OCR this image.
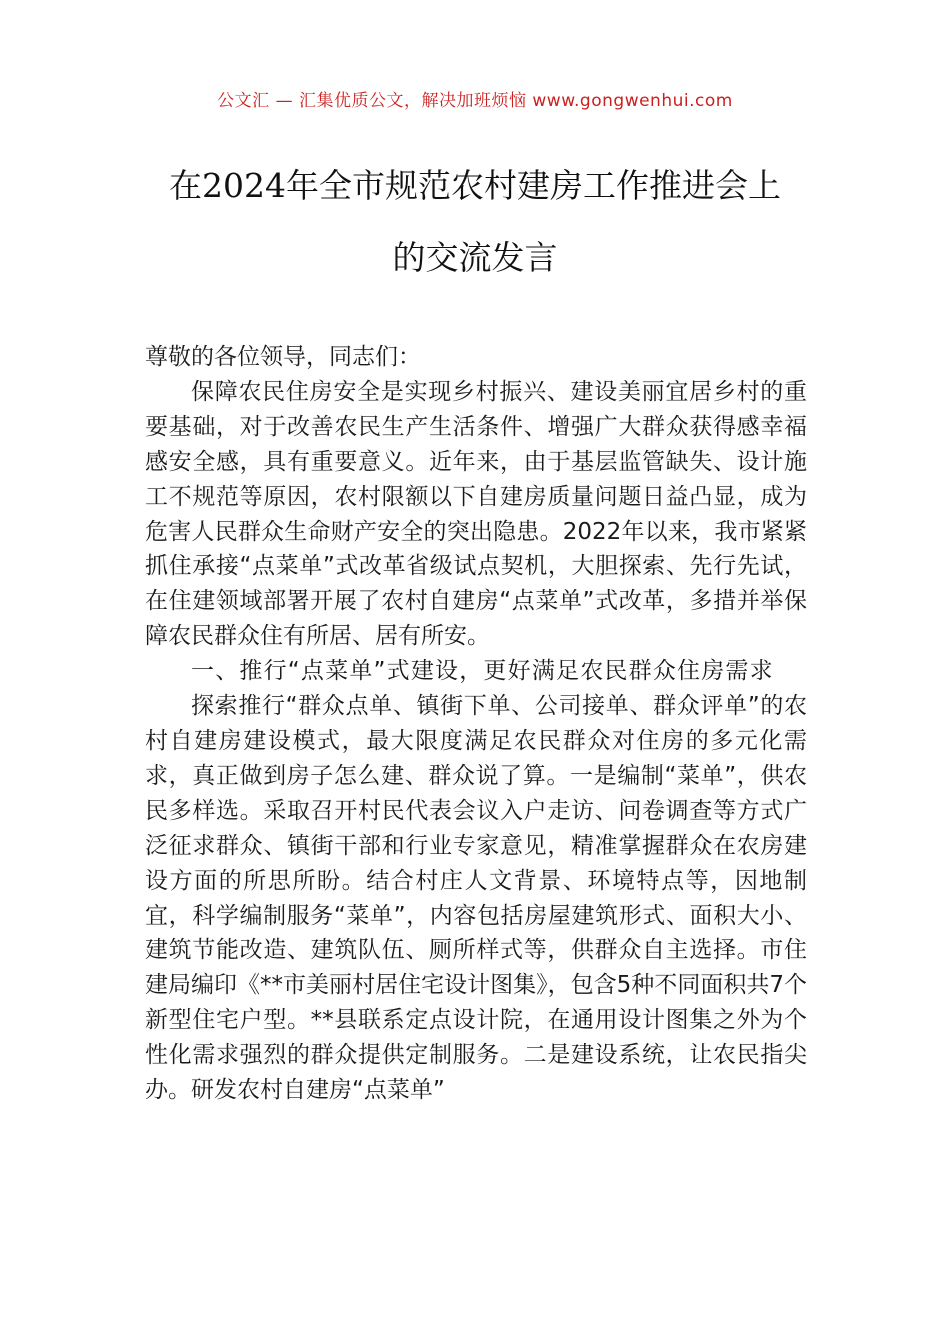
公文汇 — 汇集优质公文，解决加班烦恼 www.gongwenhui.com
在2024年全市规范农村建房工作推进会上
的交流发言

尊敬的各位领导，同志们：

保障农民住房安全是实现乡村振兴、建设美丽宜居乡村的重要基础，对于改善农民生产生活条件、增强广大群众获得感幸福感安全感，具有重要意义。近年来，由于基层监管缺失、设计施工不规范等原因，农村限额以下自建房质量问题日益凸显，成为危害人民群众生命财产安全的突出隐患。2022年以来，我市紧紧抓住承接“点菜单”式改革省级试点契机，大胆探索、先行先试，在住建领域部署开展了农村自建房“点菜单”式改革，多措并举保障农民群众住有所居、居有所安。

一、推行“点菜单”式建设，更好满足农民群众住房需求

探索推行“群众点单、镇街下单、公司接单、群众评单”的农村自建房建设模式，最大限度满足农民群众对住房的多元化需求，真正做到房子怎么建、群众说了算。一是编制“菜单”，供农民多样选。采取召开村民代表会议入户走访、问卷调查等方式广泛征求群众、镇街干部和行业专家意见，精准掌握群众在农房建设方面的所思所盼。结合村庄人文背景、环境特点等，因地制宜，科学编制服务“菜单”，内容包括房屋建筑形式、面积大小、建筑节能改造、建筑队伍、厕所样式等，供群众自主选择。市住建局编印《**市美丽村居住宅设计图集》，包含5种不同面积共7个新型住宅户型。**县联系定点设计院，在通用设计图集之外为个性化需求强烈的群众提供定制服务。二是建设系统，让农民指尖办。研发农村自建房“点菜单”
